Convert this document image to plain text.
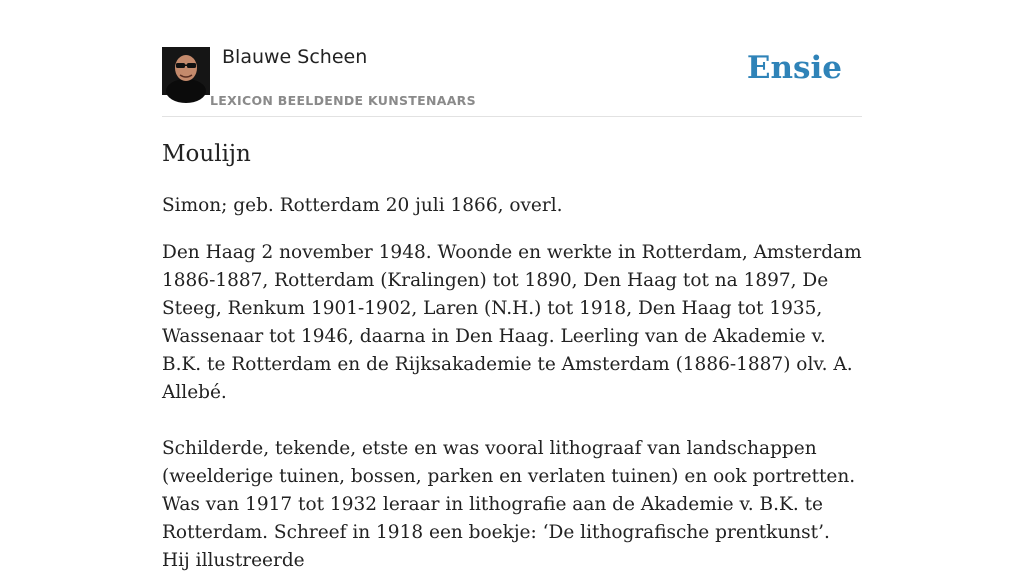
Blauwe Scheen
LEXICON BEELDENDE KUNSTENAARS
Ensie
Moulijn

Simon; geb. Rotterdam 20 juli 1866, overl.

Den Haag 2 november 1948. Woonde en werkte in Rotterdam, Amsterdam 1886-1887, Rotterdam (Kralingen) tot 1890, Den Haag tot na 1897, De Steeg, Renkum 1901-1902, Laren (N.H.) tot 1918, Den Haag tot 1935, Wassenaar tot 1946, daarna in Den Haag. Leerling van de Akademie v. B.K. te Rotterdam en de Rijksakademie te Amsterdam (1886-1887) olv. A. Allebé.

Schilderde, tekende, etste en was vooral lithograaf van landschappen (weelderige tuinen, bossen, parken en verlaten tuinen) en ook portretten. Was van 1917 tot 1932 leraar in lithografie aan de Akademie v. B.K. te Rotterdam. Schreef in 1918 een boekje: ‘De lithografische prentkunst’. Hij illustreerde
